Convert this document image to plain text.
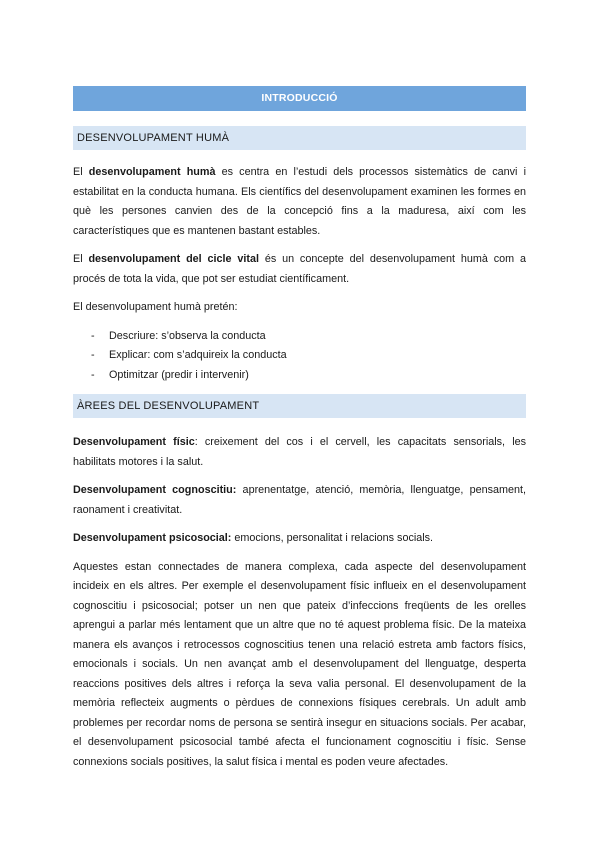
INTRODUCCIÓ
DESENVOLUPAMENT HUMÀ

El desenvolupament humà es centra en l’estudi dels processos sistemàtics de canvi i estabilitat en la conducta humana. Els científics del desenvolupament examinen les formes en què les persones canvien des de la concepció fins a la maduresa, així com les característiques que es mantenen bastant estables.

El desenvolupament del cicle vital és un concepte del desenvolupament humà com a procés de tota la vida, que pot ser estudiat científicament.

El desenvolupament humà pretén:

- Descriure: s’observa la conducta
- Explicar: com s’adquireix la conducta
- Optimitzar (predir i intervenir)
ÀREES DEL DESENVOLUPAMENT

Desenvolupament físic: creixement del cos i el cervell, les capacitats sensorials, les habilitats motores i la salut.

Desenvolupament cognoscitiu: aprenentatge, atenció, memòria, llenguatge, pensament, raonament i creativitat.

Desenvolupament psicosocial: emocions, personalitat i relacions socials.

Aquestes estan connectades de manera complexa, cada aspecte del desenvolupament incideix en els altres. Per exemple el desenvolupament físic influeix en el desenvolupament cognoscitiu i psicosocial; potser un nen que pateix d’infeccions freqüents de les orelles aprengui a parlar més lentament que un altre que no té aquest problema físic. De la mateixa manera els avanços i retrocessos cognoscitius tenen una relació estreta amb factors físics, emocionals i socials. Un nen avançat amb el desenvolupament del llenguatge, desperta reaccions positives dels altres i reforça la seva valia personal. El desenvolupament de la memòria reflecteix augments o pèrdues de connexions físiques cerebrals. Un adult amb problemes per recordar noms de persona se sentirà insegur en situacions socials. Per acabar, el desenvolupament psicosocial també afecta el funcionament cognoscitiu i físic. Sense connexions socials positives, la salut física i mental es poden veure afectades.
